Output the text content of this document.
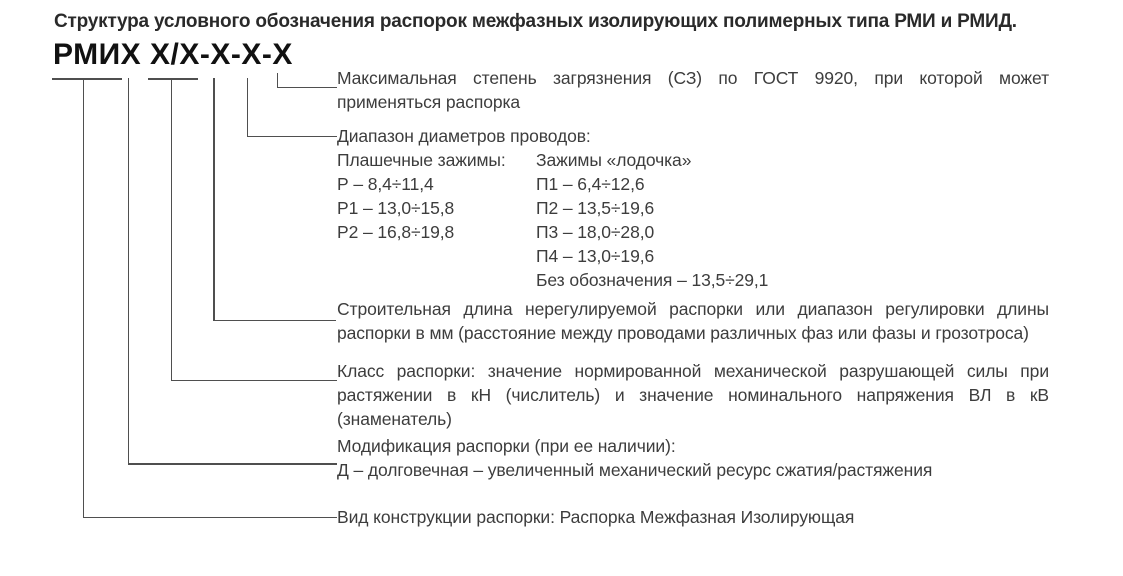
Структура условного обозначения распорок межфазных изолирующих полимерных типа РМИ и РМИД.
РМИХ Х/Х-Х-Х-Х
Максимальная степень загрязнения (СЗ) по ГОСТ 9920, при которой может применяться распорка
Диапазон диаметров проводов:
Плашечные зажимы:
Р – 8,4÷11,4
Р1 – 13,0÷15,8
Р2 – 16,8÷19,8
Зажимы «лодочка»
П1 – 6,4÷12,6
П2 – 13,5÷19,6
П3 – 18,0÷28,0
П4 – 13,0÷19,6
Без обозначения – 13,5÷29,1
Строительная длина нерегулируемой распорки или диапазон регулировки длины распорки в мм (расстояние между проводами различных фаз или фазы и грозотроса)
Класс распорки: значение нормированной механической разрушающей силы при растяжении в кН (числитель) и значение номинального напряжения ВЛ в кВ (знаменатель)
Модификация распорки (при ее наличии):
Д – долговечная – увеличенный механический ресурс сжатия/растяжения
Вид конструкции распорки: Распорка Межфазная Изолирующая
